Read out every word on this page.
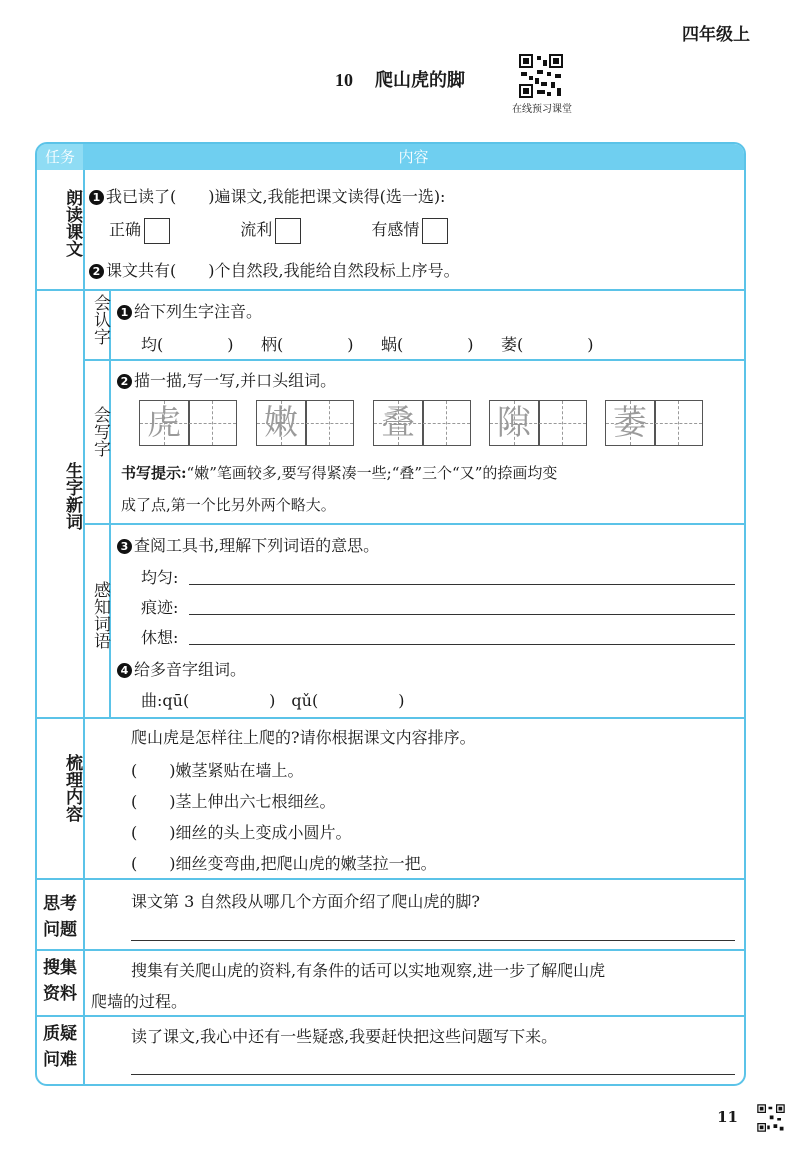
四年级上
10 爬山虎的脚
在线预习课堂
任务	内容
朗读课文 1 我已读了(　　)遍课文,我能把课文读得(选一选):
正确	流利	有感情
2 课文共有(　　)个自然段,我能给自然段标上序号。
生字新词
会认字 1 给下列生字注音。
均(　　　　) 柄(　　　　) 蜗(　　　　) 萎(　　　　)
会写字
2 描一描,写一写,并口头组词。
虎 嫩 叠 隙 萎
书写提示:“嫩”笔画较多,要写得紧凑一些;“叠”三个“又”的捺画均变
成了点,第一个比另外两个略大。
感知词语
3 查阅工具书,理解下列词语的意思。
均匀:
痕迹:
休想:
4 给多音字组词。
曲:qū(　　　　　)　qǔ(　　　　　)
梳理内容
爬山虎是怎样往上爬的?请你根据课文内容排序。
(　　)嫩茎紧贴在墙上。
(　　)茎上伸出六七根细丝。
(　　)细丝的头上变成小圆片。
(　　)细丝变弯曲,把爬山虎的嫩茎拉一把。
思考问题
课文第 3 自然段从哪几个方面介绍了爬山虎的脚?
搜集资料
搜集有关爬山虎的资料,有条件的话可以实地观察,进一步了解爬山虎
爬墙的过程。
质疑问难
读了课文,我心中还有一些疑惑,我要赶快把这些问题写下来。
11
